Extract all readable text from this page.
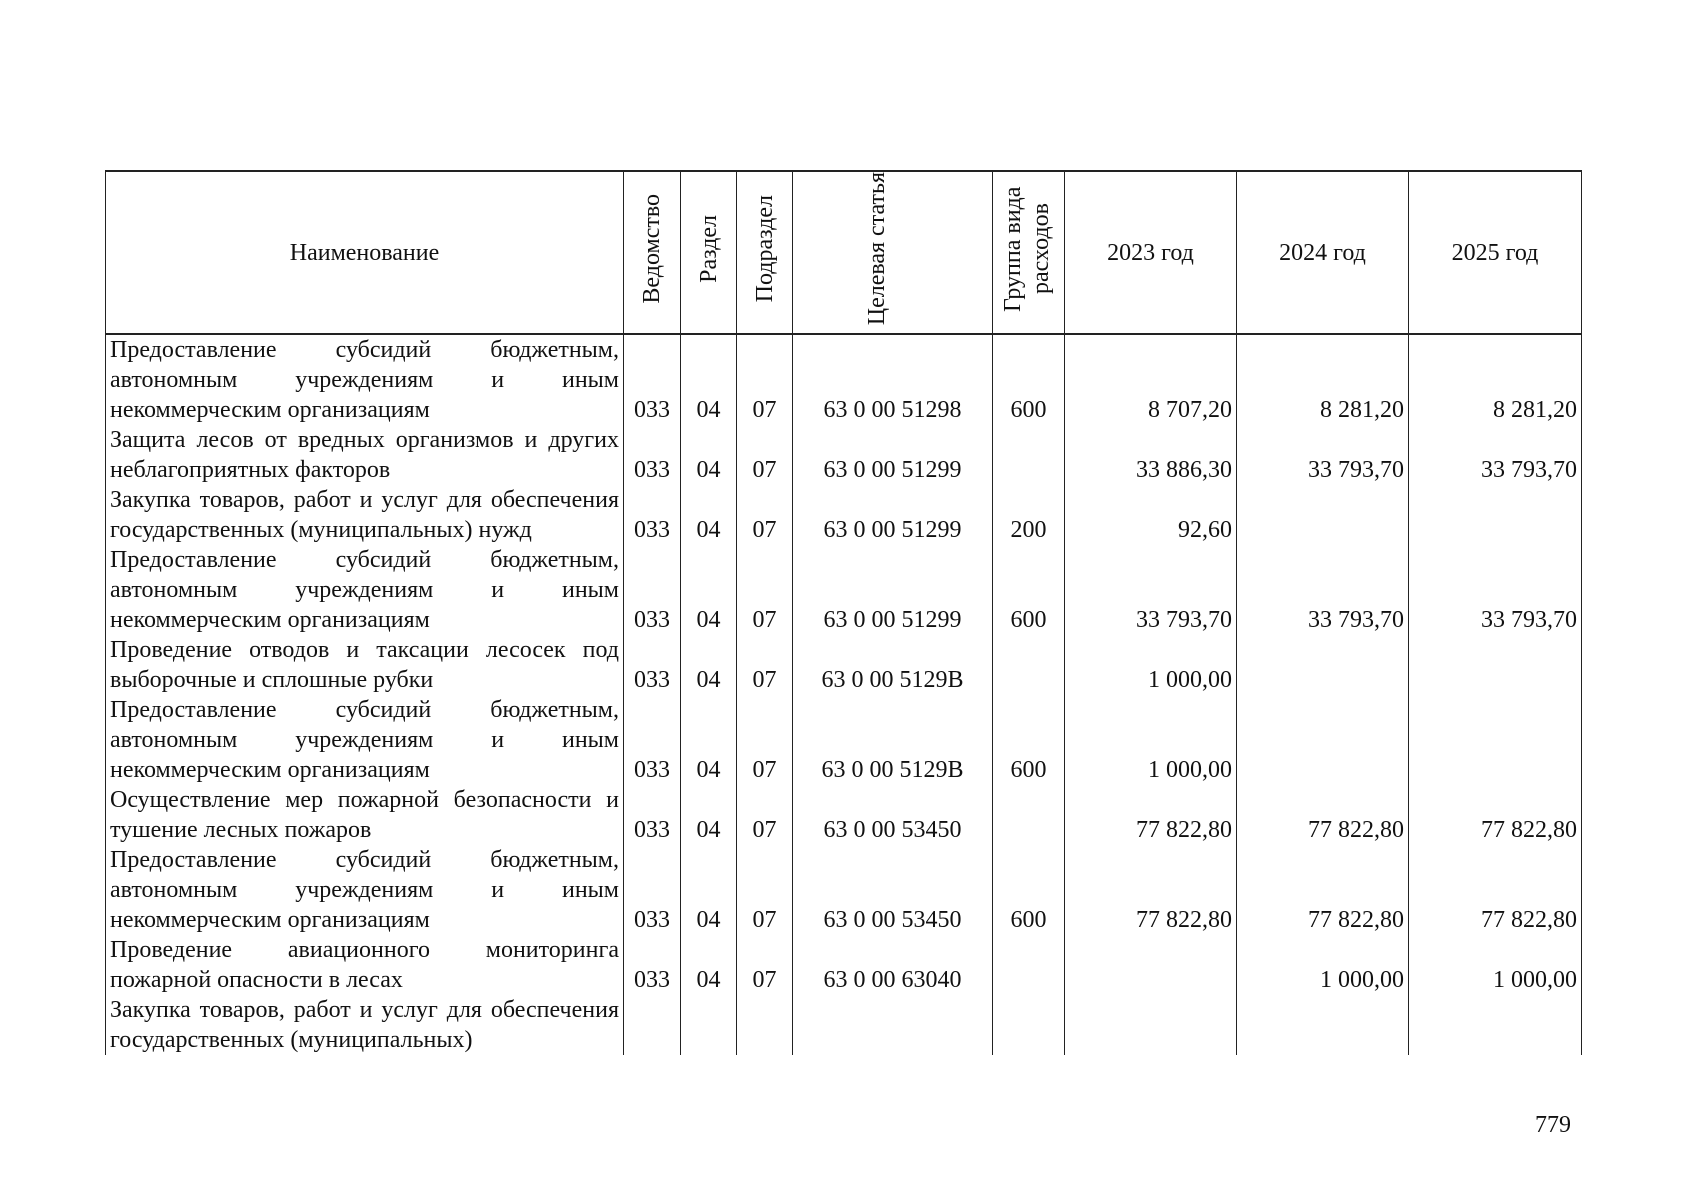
Наименование	Ведомство	Раздел	Подраздел	Целевая статья	Группа вида расходов	2023 год	2024 год	2025 год
Предоставление субсидий бюджетным, автономным учреждениям и иным некоммерческим организациям	033	04	07	63 0 00 51298	600	8 707,20	8 281,20	8 281,20
Защита лесов от вредных организмов и других неблагоприятных факторов	033	04	07	63 0 00 51299		33 886,30	33 793,70	33 793,70
Закупка товаров, работ и услуг для обеспечения государственных (муниципальных) нужд	033	04	07	63 0 00 51299	200	92,60		
Предоставление субсидий бюджетным, автономным учреждениям и иным некоммерческим организациям	033	04	07	63 0 00 51299	600	33 793,70	33 793,70	33 793,70
Проведение отводов и таксации лесосек под выборочные и сплошные рубки	033	04	07	63 0 00 5129В		1 000,00		
Предоставление субсидий бюджетным, автономным учреждениям и иным некоммерческим организациям	033	04	07	63 0 00 5129В	600	1 000,00		
Осуществление мер пожарной безопасности и тушение лесных пожаров	033	04	07	63 0 00 53450		77 822,80	77 822,80	77 822,80
Предоставление субсидий бюджетным, автономным учреждениям и иным некоммерческим организациям	033	04	07	63 0 00 53450	600	77 822,80	77 822,80	77 822,80
Проведение авиационного мониторинга пожарной опасности в лесах	033	04	07	63 0 00 63040			1 000,00	1 000,00
Закупка товаров, работ и услуг для обеспечения государственных (муниципальных)								
779
